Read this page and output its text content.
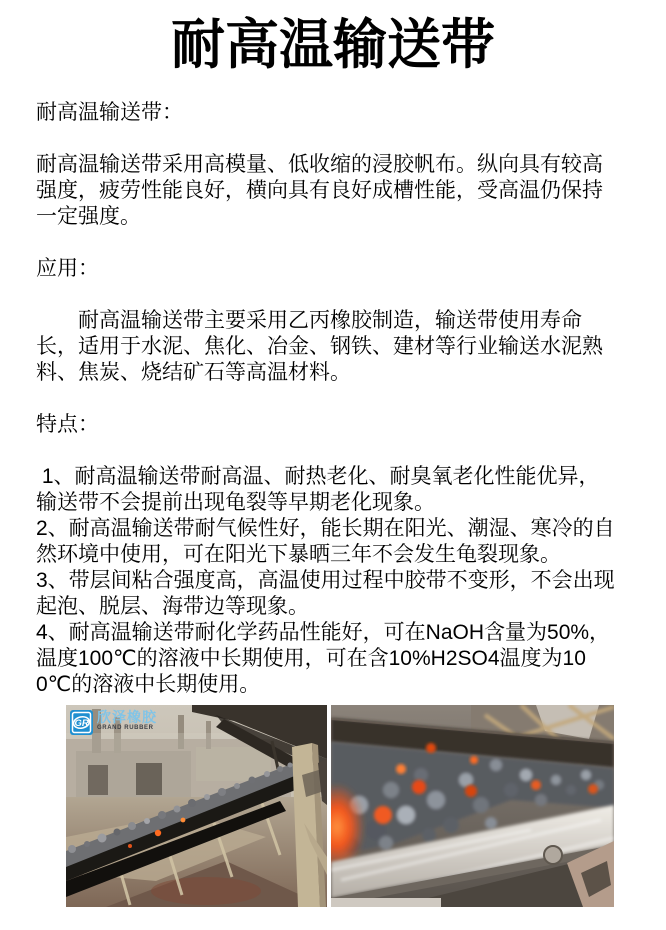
耐高温输送带

耐高温输送带：

耐高温输送带采用高模量、低收缩的浸胶帆布。纵向具有较高强度，疲劳性能良好，横向具有良好成槽性能，受高温仍保持一定强度。

应用：

　　耐高温输送带主要采用乙丙橡胶制造，输送带使用寿命长，适用于水泥、焦化、冶金、钢铁、建材等行业输送水泥熟料、焦炭、烧结矿石等高温材料。

特点：

1、耐高温输送带耐高温、耐热老化、耐臭氧老化性能优异，输送带不会提前出现龟裂等早期老化现象。

2、耐高温输送带耐气候性好，能长期在阳光、潮湿、寒冷的自然环境中使用，可在阳光下暴晒三年不会发生龟裂现象。

3、带层间粘合强度高，高温使用过程中胶带不变形，不会出现起泡、脱层、海带边等现象。

4、耐高温输送带耐化学药品性能好，可在NaOH含量为50%，温度100℃的溶液中长期使用，可在含10%H2SO4温度为100℃的溶液中长期使用。

GR 欣泽橡胶
GRAND RUBBER
